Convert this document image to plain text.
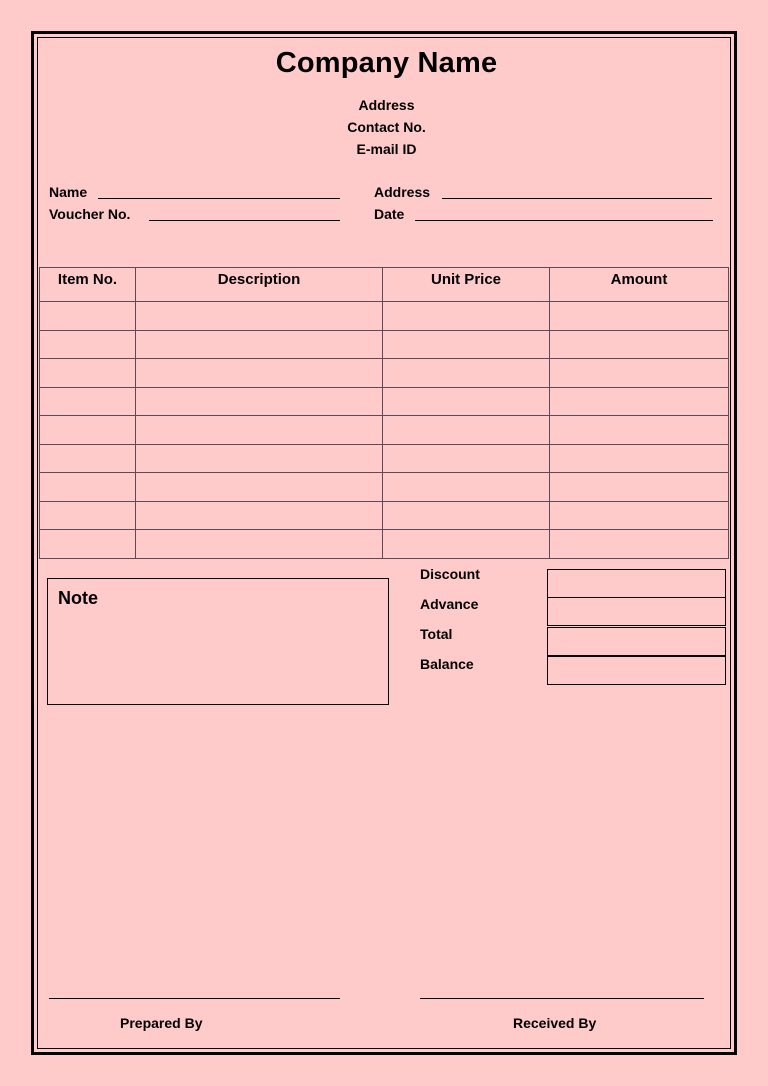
Company Name
Address
Contact No.
E-mail ID
Name	Address
Voucher No.	Date
Item No.	Description	Unit Price	Amount

Note
Discount
Advance
Total
Balance
Prepared By	Received By
